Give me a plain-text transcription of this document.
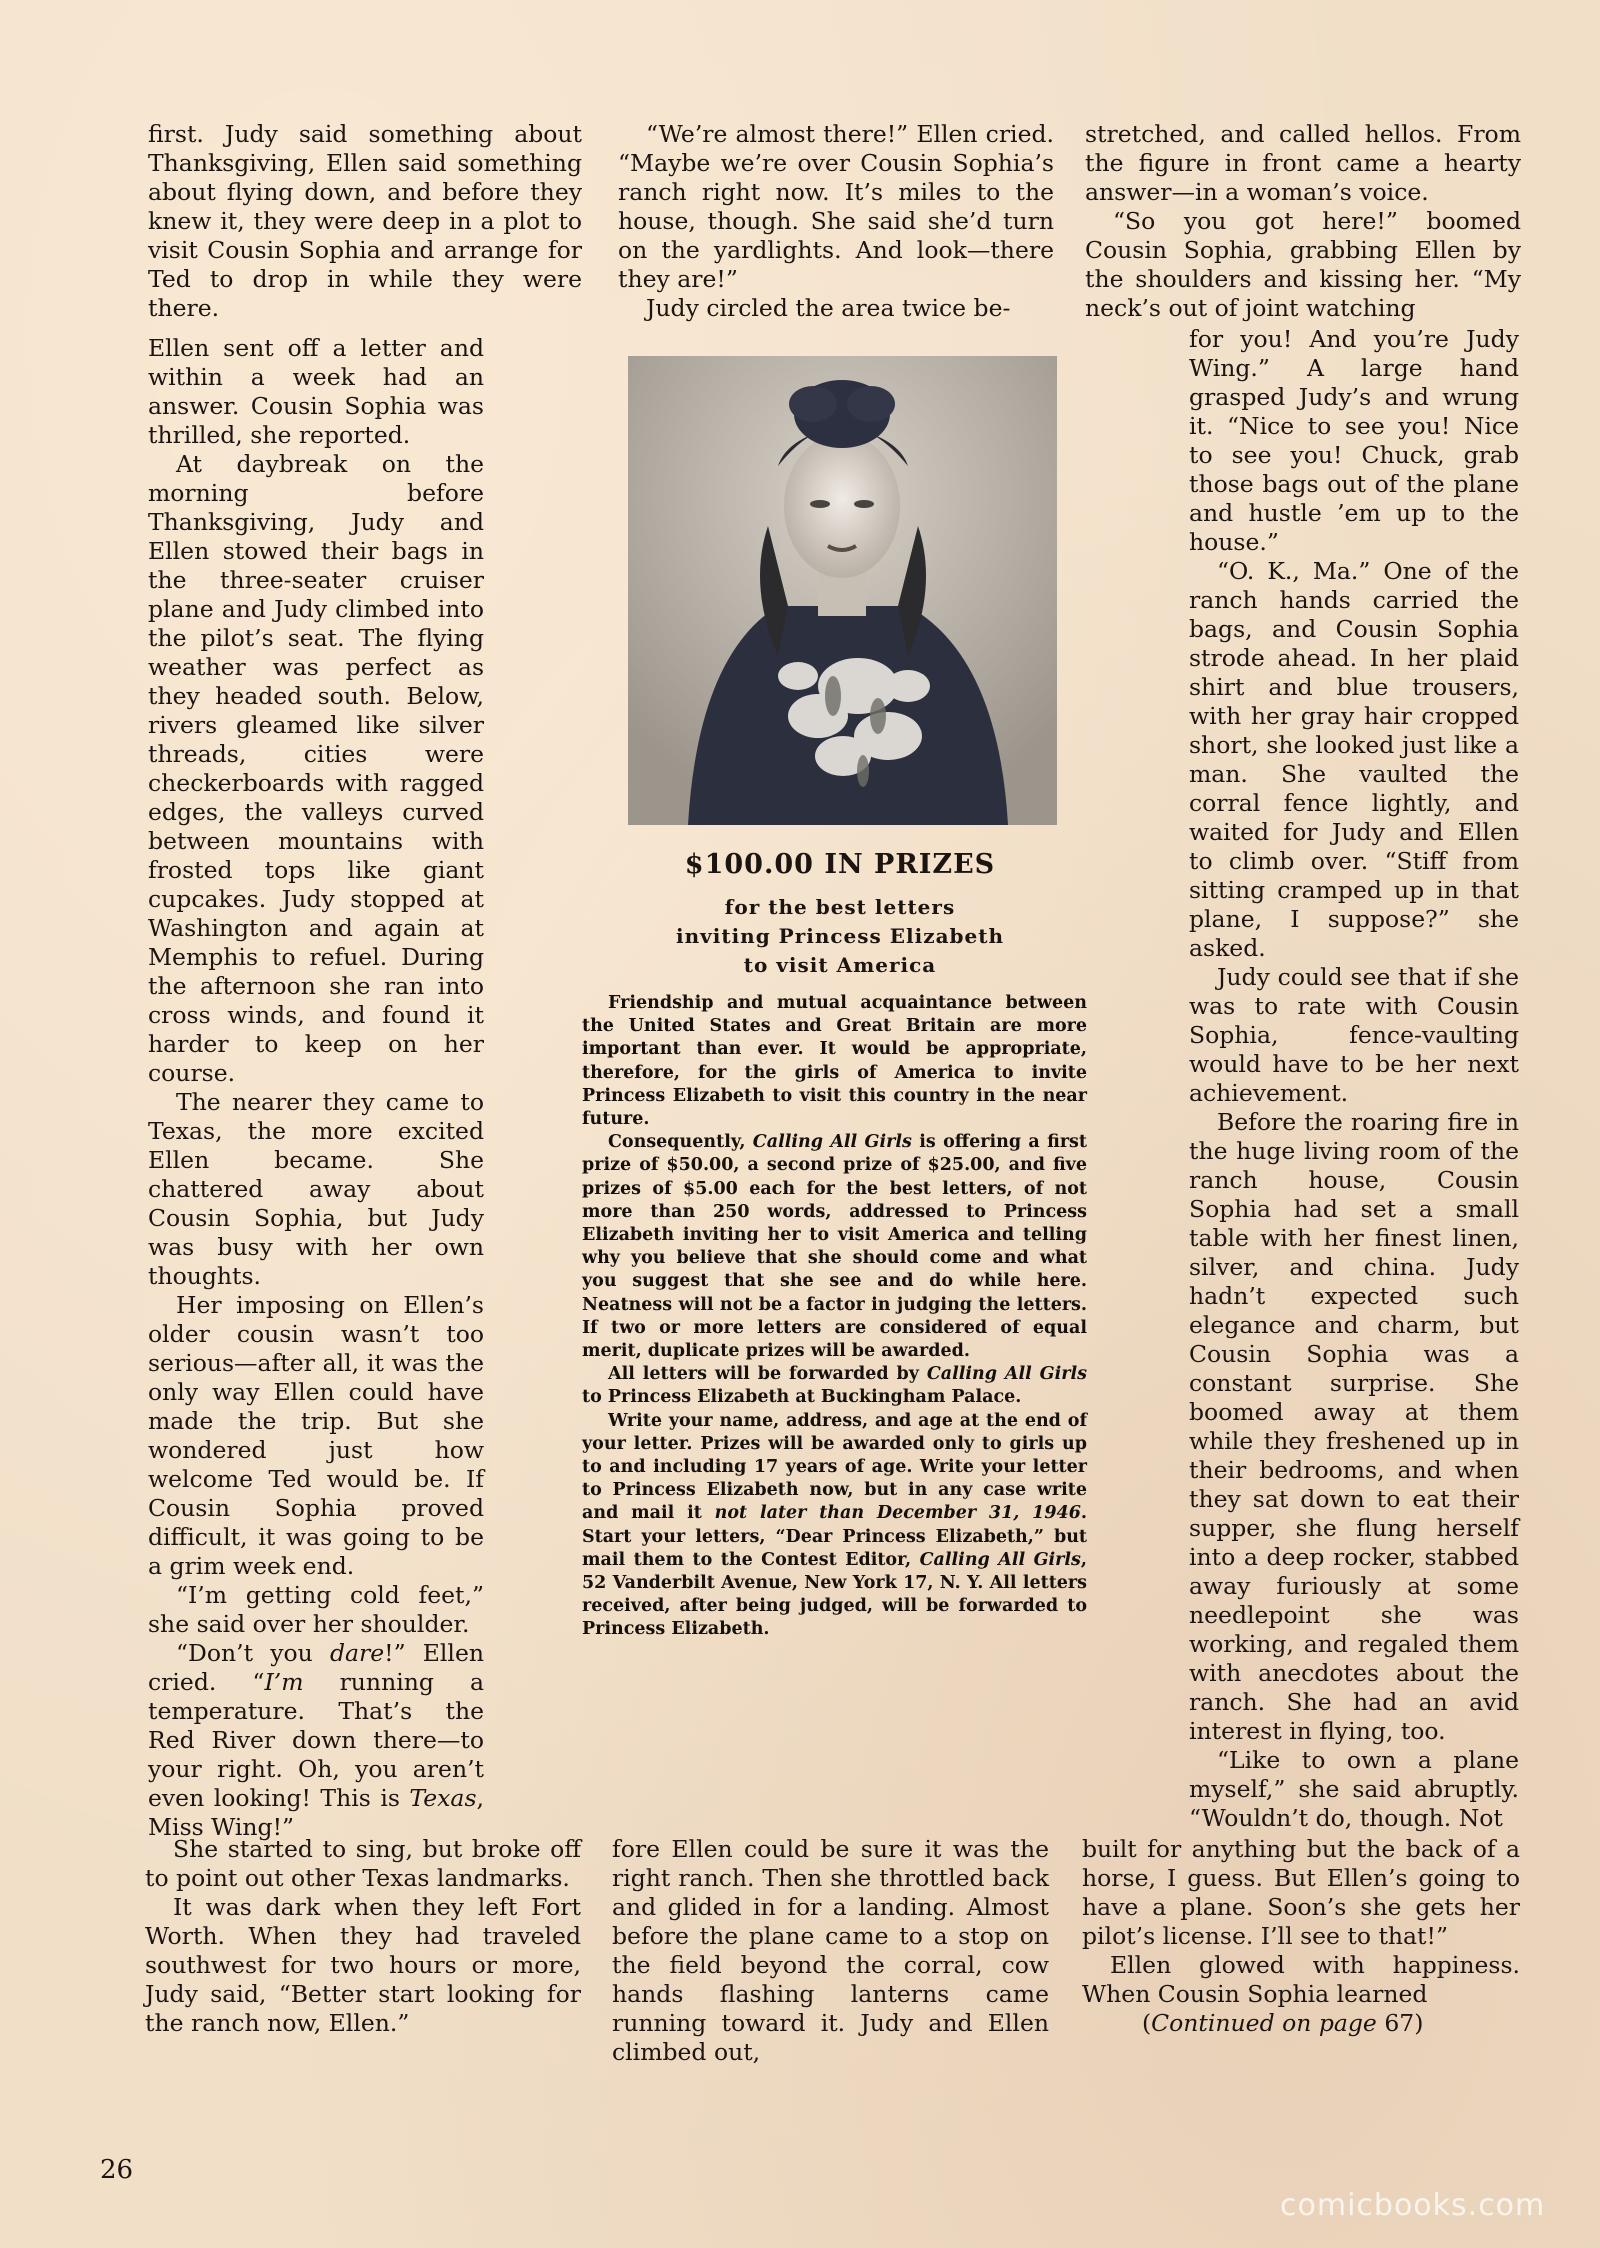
first. Judy said something about Thanksgiving, Ellen said something about flying down, and before they knew it, they were deep in a plot to visit Cousin Sophia and arrange for Ted to drop in while they were there.

Ellen sent off a letter and within a week had an answer. Cousin Sophia was thrilled, she reported.

At daybreak on the morning before Thanksgiving, Judy and Ellen stowed their bags in the three-seater cruiser plane and Judy climbed into the pilot’s seat. The flying weather was perfect as they headed south. Below, rivers gleamed like silver threads, cities were checkerboards with ragged edges, the valleys curved between mountains with frosted tops like giant cupcakes. Judy stopped at Washington and again at Memphis to refuel. During the afternoon she ran into cross winds, and found it harder to keep on her course.

The nearer they came to Texas, the more excited Ellen became. She chattered away about Cousin Sophia, but Judy was busy with her own thoughts.

Her imposing on Ellen’s older cousin wasn’t too serious—after all, it was the only way Ellen could have made the trip. But she wondered just how welcome Ted would be. If Cousin Sophia proved difficult, it was going to be a grim week end.

“I’m getting cold feet,” she said over her shoulder.

“Don’t you dare!” Ellen cried. “I’m running a temperature. That’s the Red River down there—to your right. Oh, you aren’t even looking! This is Texas, Miss Wing!”

She started to sing, but broke off to point out other Texas landmarks.

It was dark when they left Fort Worth. When they had traveled southwest for two hours or more, Judy said, “Better start looking for the ranch now, Ellen.”

“We’re almost there!” Ellen cried. “Maybe we’re over Cousin Sophia’s ranch right now. It’s miles to the house, though. She said she’d turn on the yardlights. And look—there they are!”

Judy circled the area twice be-

$100.00 IN PRIZES
for the best letters
inviting Princess Elizabeth
to visit America

Friendship and mutual acquaintance between the United States and Great Britain are more important than ever. It would be appropriate, therefore, for the girls of America to invite Princess Elizabeth to visit this country in the near future.

Consequently, Calling All Girls is offering a first prize of $50.00, a second prize of $25.00, and five prizes of $5.00 each for the best letters, of not more than 250 words, addressed to Princess Elizabeth inviting her to visit America and telling why you believe that she should come and what you suggest that she see and do while here. Neatness will not be a factor in judging the letters. If two or more letters are considered of equal merit, duplicate prizes will be awarded.

All letters will be forwarded by Calling All Girls to Princess Elizabeth at Buckingham Palace.

Write your name, address, and age at the end of your letter. Prizes will be awarded only to girls up to and including 17 years of age. Write your letter to Princess Elizabeth now, but in any case write and mail it not later than December 31, 1946. Start your letters, “Dear Princess Elizabeth,” but mail them to the Contest Editor, Calling All Girls, 52 Vanderbilt Avenue, New York 17, N. Y. All letters received, after being judged, will be forwarded to Princess Elizabeth.

fore Ellen could be sure it was the right ranch. Then she throttled back and glided in for a landing. Almost before the plane came to a stop on the field beyond the corral, cow hands flashing lanterns came running toward it. Judy and Ellen climbed out,

stretched, and called hellos. From the figure in front came a hearty answer—in a woman’s voice.

“So you got here!” boomed Cousin Sophia, grabbing Ellen by the shoulders and kissing her. “My neck’s out of joint watching

for you! And you’re Judy Wing.” A large hand grasped Judy’s and wrung it. “Nice to see you! Nice to see you! Chuck, grab those bags out of the plane and hustle ’em up to the house.”

“O. K., Ma.” One of the ranch hands carried the bags, and Cousin Sophia strode ahead. In her plaid shirt and blue trousers, with her gray hair cropped short, she looked just like a man. She vaulted the corral fence lightly, and waited for Judy and Ellen to climb over. “Stiff from sitting cramped up in that plane, I suppose?” she asked.

Judy could see that if she was to rate with Cousin Sophia, fence-vaulting would have to be her next achievement.

Before the roaring fire in the huge living room of the ranch house, Cousin Sophia had set a small table with her finest linen, silver, and china. Judy hadn’t expected such elegance and charm, but Cousin Sophia was a constant surprise. She boomed away at them while they freshened up in their bedrooms, and when they sat down to eat their supper, she flung herself into a deep rocker, stabbed away furiously at some needlepoint she was working, and regaled them with anecdotes about the ranch. She had an avid interest in flying, too.

“Like to own a plane myself,” she said abruptly. “Wouldn’t do, though. Not

built for anything but the back of a horse, I guess. But Ellen’s going to have a plane. Soon’s she gets her pilot’s license. I’ll see to that!”

Ellen glowed with happiness. When Cousin Sophia learned

(Continued on page 67)

26
comicbooks.com
